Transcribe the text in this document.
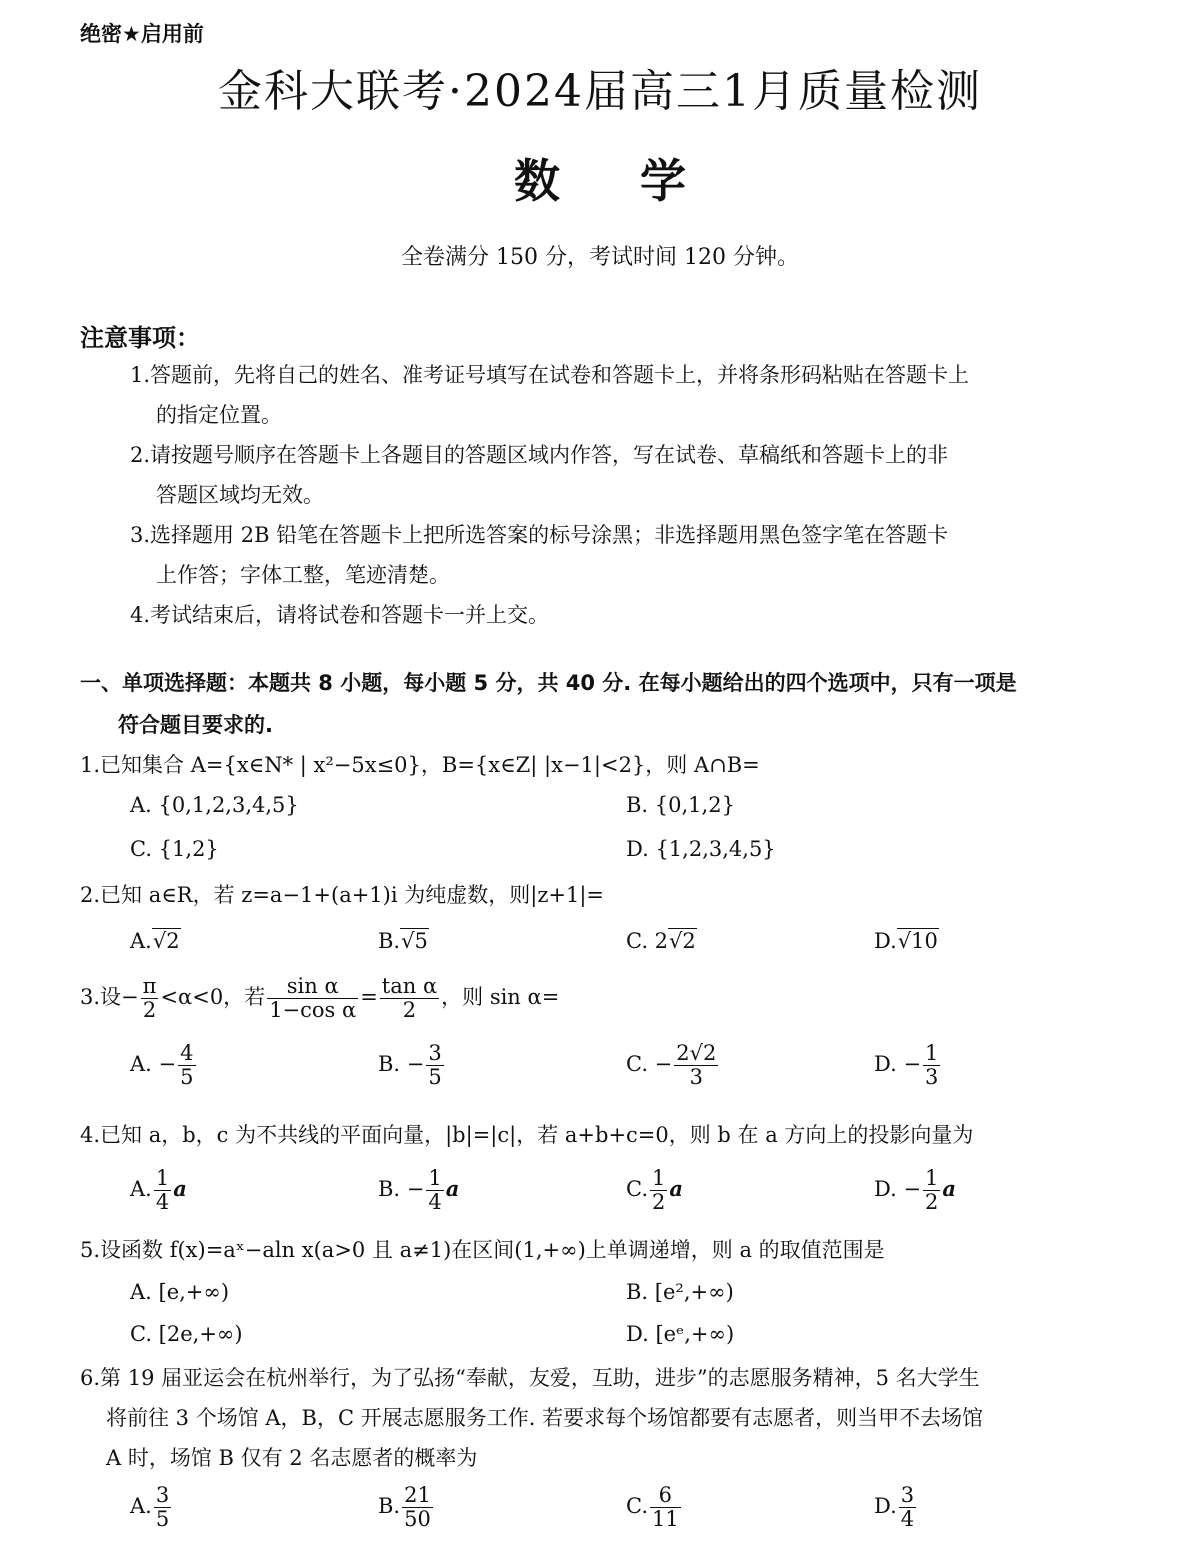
绝密★启用前
金科大联考·2024届高三1月质量检测
数 学
全卷满分 150 分，考试时间 120 分钟。
注意事项：
1.答题前，先将自己的姓名、准考证号填写在试卷和答题卡上，并将条形码粘贴在答题卡上
的指定位置。
2.请按题号顺序在答题卡上各题目的答题区域内作答，写在试卷、草稿纸和答题卡上的非
答题区域均无效。
3.选择题用 2B 铅笔在答题卡上把所选答案的标号涂黑；非选择题用黑色签字笔在答题卡
上作答；字体工整，笔迹清楚。
4.考试结束后，请将试卷和答题卡一并上交。
一、单项选择题：本题共 8 小题，每小题 5 分，共 40 分. 在每小题给出的四个选项中，只有一项是
符合题目要求的.
1.已知集合 A={x∈N* | x²−5x≤0}，B={x∈Z| |x−1|<2}，则 A∩B=
A. {0,1,2,3,4,5}	B. {0,1,2}
C. {1,2}	D. {1,2,3,4,5}
2.已知 a∈R，若 z=a−1+(a+1)i 为纯虚数，则|z+1|=
A.√2	B.√5	C. 2√2	D.√10
3.设− $\frac{\pi}{2} <\alpha<0$，若 $\frac{\text{sin α}}{\text{1−cos α}} = \frac{\text{tan α}}{2}$ ，则 sin α=
A. − $\frac{4}{5}$	B. − $\frac{3}{5}$	C. − $\frac{2√2}{3}$	D. − $\frac{1}{3}$
4.已知 a，b，c 为不共线的平面向量，|b|=|c|，若 a+b+c=0，则 b 在 a 方向上的投影向量为
A. $\frac{1}{4}$ a	B. − $\frac{1}{4}$ a	C. $\frac{1}{2}$ a	D. − $\frac{1}{2}$ a
5.设函数 f(x)=aˣ−aln x(a>0 且 a≠1)在区间(1,+∞)上单调递增，则 a 的取值范围是
A. [e,+∞)	B. [e²,+∞)
C. [2e,+∞)	D. [eᵉ,+∞)
6.第 19 届亚运会在杭州举行，为了弘扬“奉献，友爱，互助，进步”的志愿服务精神，5 名大学生
将前往 3 个场馆 A，B，C 开展志愿服务工作. 若要求每个场馆都要有志愿者，则当甲不去场馆
A 时，场馆 B 仅有 2 名志愿者的概率为
A. $\frac{3}{5}$	B. $\frac{21}{50}$	C. $\frac{6}{11}$	D. $\frac{3}{4}$
